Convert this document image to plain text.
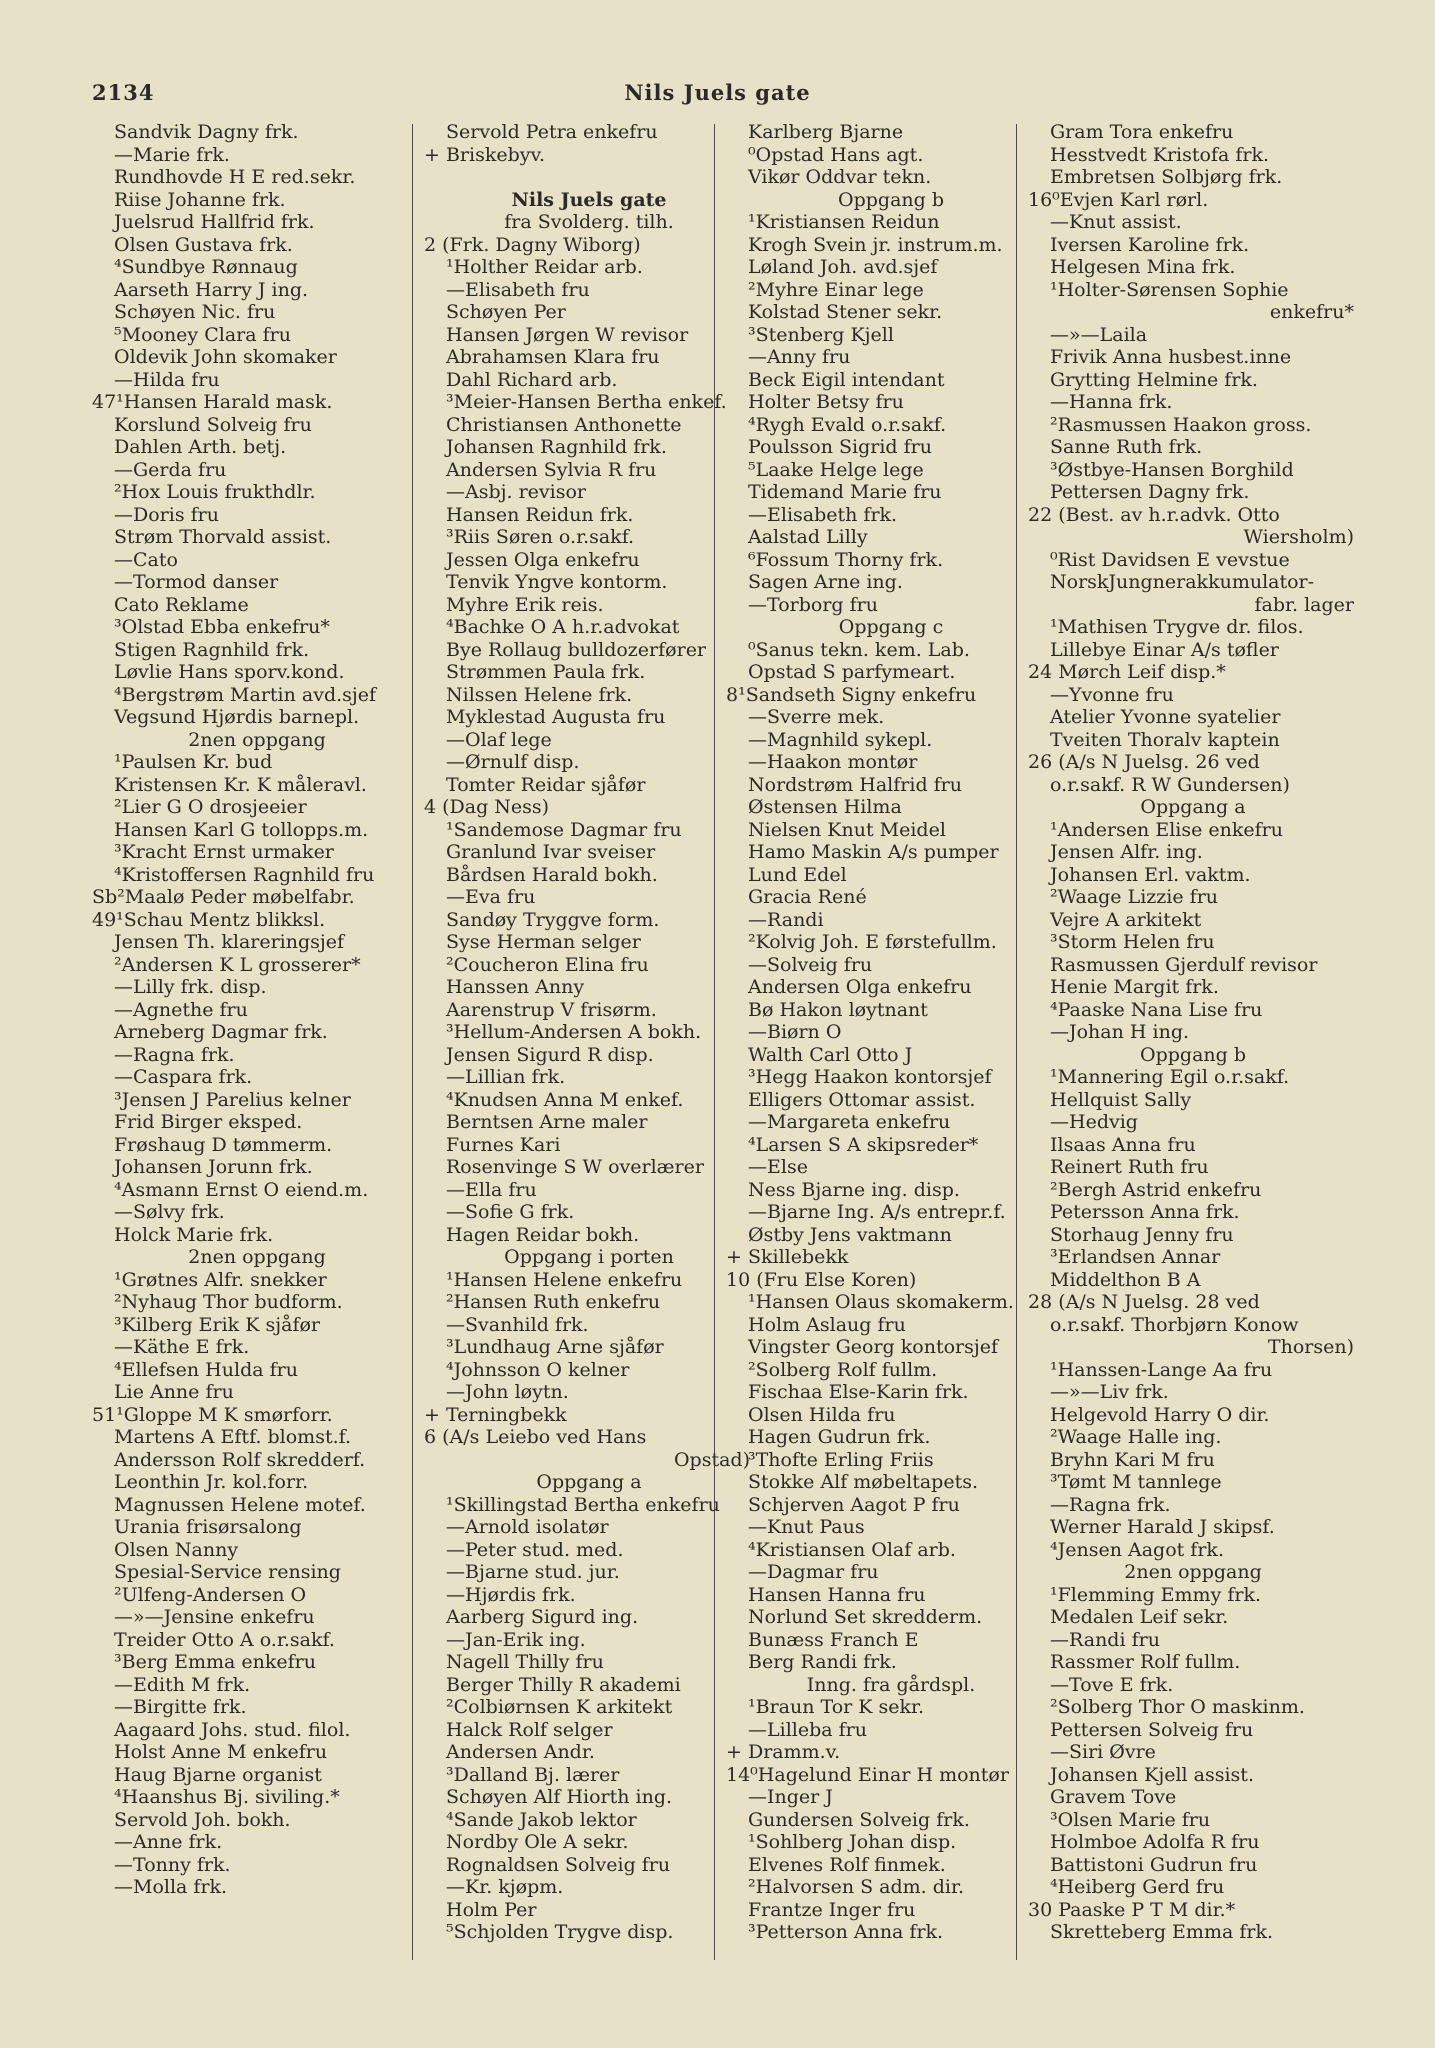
2134	Nils Juels gate
Sandvik Dagny frk.
—Marie frk.
Rundhovde H E red.sekr.
Riise Johanne frk.
Juelsrud Hallfrid frk.
Olsen Gustava frk.
⁴Sundbye Rønnaug
Aarseth Harry J ing.
Schøyen Nic. fru
⁵Mooney Clara fru
Oldevik John skomaker
—Hilda fru
47¹Hansen Harald mask.
Korslund Solveig fru
Dahlen Arth. betj.
—Gerda fru
²Hox Louis frukthdlr.
—Doris fru
Strøm Thorvald assist.
—Cato
—Tormod danser
Cato Reklame
³Olstad Ebba enkefru*
Stigen Ragnhild frk.
Løvlie Hans sporv.kond.
⁴Bergstrøm Martin avd.sjef
Vegsund Hjørdis barnepl.
2nen oppgang
¹Paulsen Kr. bud
Kristensen Kr. K måleravl.
²Lier G O drosjeeier
Hansen Karl G tollopps.m.
³Kracht Ernst urmaker
⁴Kristoffersen Ragnhild fru
Sb²Maalø Peder møbelfabr.
49¹Schau Mentz blikksl.
Jensen Th. klareringsjef
²Andersen K L grosserer*
—Lilly frk. disp.
—Agnethe fru
Arneberg Dagmar frk.
—Ragna frk.
—Caspara frk.
³Jensen J Parelius kelner
Frid Birger eksped.
Frøshaug D tømmerm.
Johansen Jorunn frk.
⁴Asmann Ernst O eiend.m.
—Sølvy frk.
Holck Marie frk.
2nen oppgang
¹Grøtnes Alfr. snekker
²Nyhaug Thor budform.
³Kilberg Erik K sjåfør
—Käthe E frk.
⁴Ellefsen Hulda fru
Lie Anne fru
51¹Gloppe M K smørforr.
Martens A Eftf. blomst.f.
Andersson Rolf skredderf.
Leonthin Jr. kol.forr.
Magnussen Helene motef.
Urania frisørsalong
Olsen Nanny
Spesial-Service rensing
²Ulfeng-Andersen O
—»—Jensine enkefru
Treider Otto A o.r.sakf.
³Berg Emma enkefru
—Edith M frk.
—Birgitte frk.
Aagaard Johs. stud. filol.
Holst Anne M enkefru
Haug Bjarne organist
⁴Haanshus Bj. siviling.*
Servold Joh. bokh.
—Anne frk.
—Tonny frk.
—Molla frk.
Servold Petra enkefru
+ Briskebyv.
Nils Juels gate
fra Svolderg. tilh.
2 (Frk. Dagny Wiborg)
¹Holther Reidar arb.
—Elisabeth fru
Schøyen Per
Hansen Jørgen W revisor
Abrahamsen Klara fru
Dahl Richard arb.
³Meier-Hansen Bertha enkef.
Christiansen Anthonette
Johansen Ragnhild frk.
Andersen Sylvia R fru
—Asbj. revisor
Hansen Reidun frk.
³Riis Søren o.r.sakf.
Jessen Olga enkefru
Tenvik Yngve kontorm.
Myhre Erik reis.
⁴Bachke O A h.r.advokat
Bye Rollaug bulldozerfører
Strømmen Paula frk.
Nilssen Helene frk.
Myklestad Augusta fru
—Olaf lege
—Ørnulf disp.
Tomter Reidar sjåfør
4 (Dag Ness)
¹Sandemose Dagmar fru
Granlund Ivar sveiser
Bårdsen Harald bokh.
—Eva fru
Sandøy Tryggve form.
Syse Herman selger
²Coucheron Elina fru
Hanssen Anny
Aarenstrup V frisørm.
³Hellum-Andersen A bokh.
Jensen Sigurd R disp.
—Lillian frk.
⁴Knudsen Anna M enkef.
Berntsen Arne maler
Furnes Kari
Rosenvinge S W overlærer
—Ella fru
—Sofie G frk.
Hagen Reidar bokh.
Oppgang i porten
¹Hansen Helene enkefru
²Hansen Ruth enkefru
—Svanhild frk.
³Lundhaug Arne sjåfør
⁴Johnsson O kelner
—John løytn.
+ Terningbekk
6 (A/s Leiebo ved Hans
Opstad)
Oppgang a
¹Skillingstad Bertha enkefru
—Arnold isolatør
—Peter stud. med.
—Bjarne stud. jur.
—Hjørdis frk.
Aarberg Sigurd ing.
—Jan-Erik ing.
Nagell Thilly fru
Berger Thilly R akademi
²Colbiørnsen K arkitekt
Halck Rolf selger
Andersen Andr.
³Dalland Bj. lærer
Schøyen Alf Hiorth ing.
⁴Sande Jakob lektor
Nordby Ole A sekr.
Rognaldsen Solveig fru
—Kr. kjøpm.
Holm Per
⁵Schjolden Trygve disp.
Karlberg Bjarne
⁰Opstad Hans agt.
Vikør Oddvar tekn.
Oppgang b
¹Kristiansen Reidun
Krogh Svein jr. instrum.m.
Løland Joh. avd.sjef
²Myhre Einar lege
Kolstad Stener sekr.
³Stenberg Kjell
—Anny fru
Beck Eigil intendant
Holter Betsy fru
⁴Rygh Evald o.r.sakf.
Poulsson Sigrid fru
⁵Laake Helge lege
Tidemand Marie fru
—Elisabeth frk.
Aalstad Lilly
⁶Fossum Thorny frk.
Sagen Arne ing.
—Torborg fru
Oppgang c
⁰Sanus tekn. kem. Lab.
Opstad S parfymeart.
8¹Sandseth Signy enkefru
—Sverre mek.
—Magnhild sykepl.
—Haakon montør
Nordstrøm Halfrid fru
Østensen Hilma
Nielsen Knut Meidel
Hamo Maskin A/s pumper
Lund Edel
Gracia René
—Randi
²Kolvig Joh. E førstefullm.
—Solveig fru
Andersen Olga enkefru
Bø Hakon løytnant
—Biørn O
Walth Carl Otto J
³Hegg Haakon kontorsjef
Elligers Ottomar assist.
—Margareta enkefru
⁴Larsen S A skipsreder*
—Else
Ness Bjarne ing. disp.
—Bjarne Ing. A/s entrepr.f.
Østby Jens vaktmann
+ Skillebekk
10 (Fru Else Koren)
¹Hansen Olaus skomakerm.
Holm Aslaug fru
Vingster Georg kontorsjef
²Solberg Rolf fullm.
Fischaa Else-Karin frk.
Olsen Hilda fru
Hagen Gudrun frk.
³Thofte Erling Friis
Stokke Alf møbeltapets.
Schjerven Aagot P fru
—Knut Paus
⁴Kristiansen Olaf arb.
—Dagmar fru
Hansen Hanna fru
Norlund Set skredderm.
Bunæss Franch E
Berg Randi frk.
Inng. fra gårdspl.
¹Braun Tor K sekr.
—Lilleba fru
+ Dramm.v.
14⁰Hagelund Einar H montør
—Inger J
Gundersen Solveig frk.
¹Sohlberg Johan disp.
Elvenes Rolf finmek.
²Halvorsen S adm. dir.
Frantze Inger fru
³Petterson Anna frk.
Gram Tora enkefru
Hesstvedt Kristofa frk.
Embretsen Solbjørg frk.
16⁰Evjen Karl rørl.
—Knut assist.
Iversen Karoline frk.
Helgesen Mina frk.
¹Holter-Sørensen Sophie
enkefru*
—»—Laila
Frivik Anna husbest.inne
Grytting Helmine frk.
—Hanna frk.
²Rasmussen Haakon gross.
Sanne Ruth frk.
³Østbye-Hansen Borghild
Pettersen Dagny frk.
22 (Best. av h.r.advk. Otto
Wiersholm)
⁰Rist Davidsen E vevstue
NorskJungnerakkumulator-
fabr. lager
¹Mathisen Trygve dr. filos.
Lillebye Einar A/s tøfler
24 Mørch Leif disp.*
—Yvonne fru
Atelier Yvonne syatelier
Tveiten Thoralv kaptein
26 (A/s N Juelsg. 26 ved
o.r.sakf. R W Gundersen)
Oppgang a
¹Andersen Elise enkefru
Jensen Alfr. ing.
Johansen Erl. vaktm.
²Waage Lizzie fru
Vejre A arkitekt
³Storm Helen fru
Rasmussen Gjerdulf revisor
Henie Margit frk.
⁴Paaske Nana Lise fru
—Johan H ing.
Oppgang b
¹Mannering Egil o.r.sakf.
Hellquist Sally
—Hedvig
Ilsaas Anna fru
Reinert Ruth fru
²Bergh Astrid enkefru
Petersson Anna frk.
Storhaug Jenny fru
³Erlandsen Annar
Middelthon B A
28 (A/s N Juelsg. 28 ved
o.r.sakf. Thorbjørn Konow
Thorsen)
¹Hanssen-Lange Aa fru
—»—Liv frk.
Helgevold Harry O dir.
²Waage Halle ing.
Bryhn Kari M fru
³Tømt M tannlege
—Ragna frk.
Werner Harald J skipsf.
⁴Jensen Aagot frk.
2nen oppgang
¹Flemming Emmy frk.
Medalen Leif sekr.
—Randi fru
Rassmer Rolf fullm.
—Tove E frk.
²Solberg Thor O maskinm.
Pettersen Solveig fru
—Siri Øvre
Johansen Kjell assist.
Gravem Tove
³Olsen Marie fru
Holmboe Adolfa R fru
Battistoni Gudrun fru
⁴Heiberg Gerd fru
30 Paaske P T M dir.*
Skretteberg Emma frk.
